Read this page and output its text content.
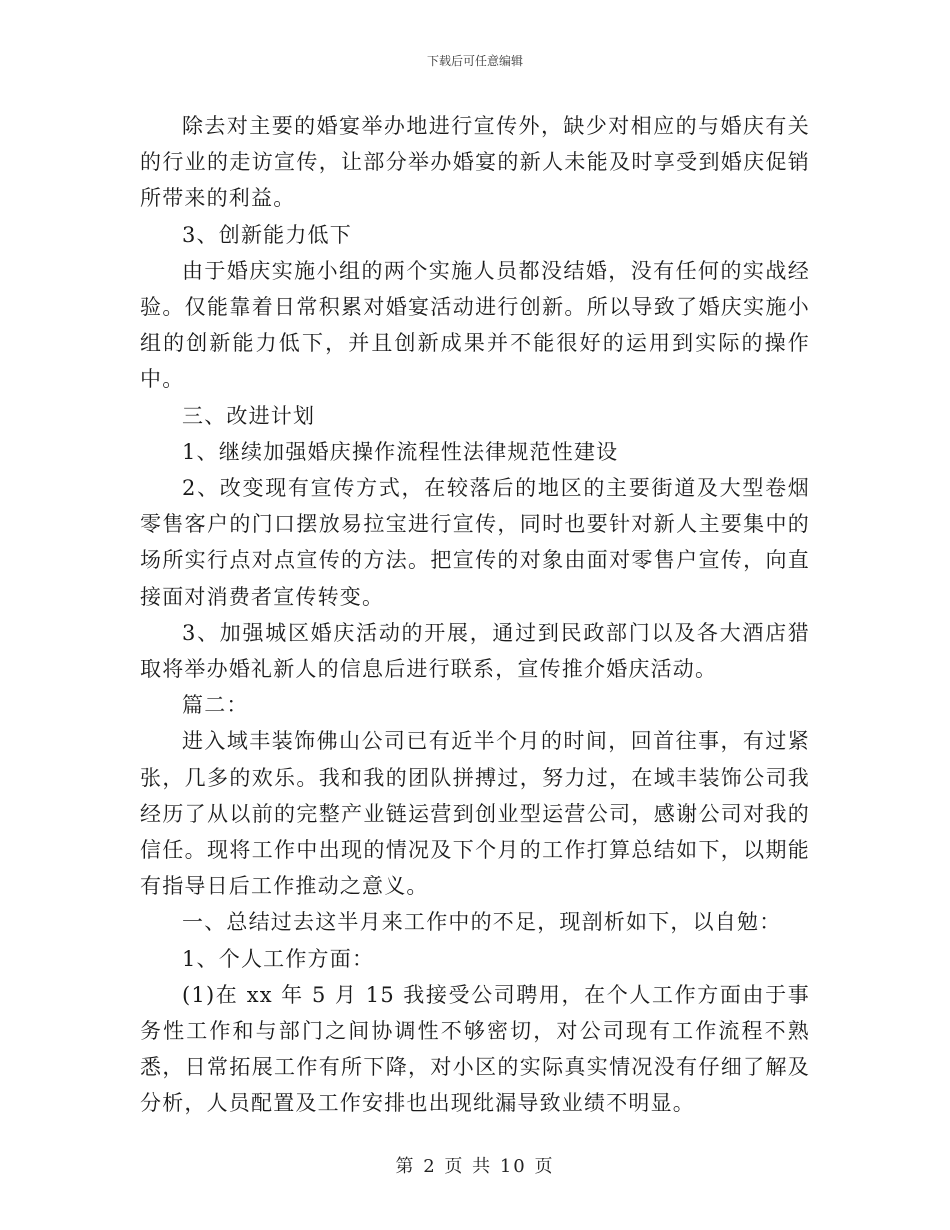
下载后可任意编辑

除去对主要的婚宴举办地进行宣传外，缺少对相应的与婚庆有关的行业的走访宣传，让部分举办婚宴的新人未能及时享受到婚庆促销所带来的利益。

3、创新能力低下

由于婚庆实施小组的两个实施人员都没结婚，没有任何的实战经验。仅能靠着日常积累对婚宴活动进行创新。所以导致了婚庆实施小组的创新能力低下，并且创新成果并不能很好的运用到实际的操作中。

三、改进计划

1、继续加强婚庆操作流程性法律规范性建设

2、改变现有宣传方式，在较落后的地区的主要街道及大型卷烟零售客户的门口摆放易拉宝进行宣传，同时也要针对新人主要集中的场所实行点对点宣传的方法。把宣传的对象由面对零售户宣传，向直接面对消费者宣传转变。

3、加强城区婚庆活动的开展，通过到民政部门以及各大酒店猎取将举办婚礼新人的信息后进行联系，宣传推介婚庆活动。

篇二：

进入域丰装饰佛山公司已有近半个月的时间，回首往事，有过紧张，几多的欢乐。我和我的团队拼搏过，努力过，在域丰装饰公司我经历了从以前的完整产业链运营到创业型运营公司，感谢公司对我的信任。现将工作中出现的情况及下个月的工作打算总结如下，以期能有指导日后工作推动之意义。

一、总结过去这半月来工作中的不足，现剖析如下，以自勉：

1、个人工作方面：

(1)在 xx 年 5 月 15 我接受公司聘用，在个人工作方面由于事务性工作和与部门之间协调性不够密切，对公司现有工作流程不熟悉，日常拓展工作有所下降，对小区的实际真实情况没有仔细了解及分析，人员配置及工作安排也出现纰漏导致业绩不明显。

第 2 页 共 10 页
